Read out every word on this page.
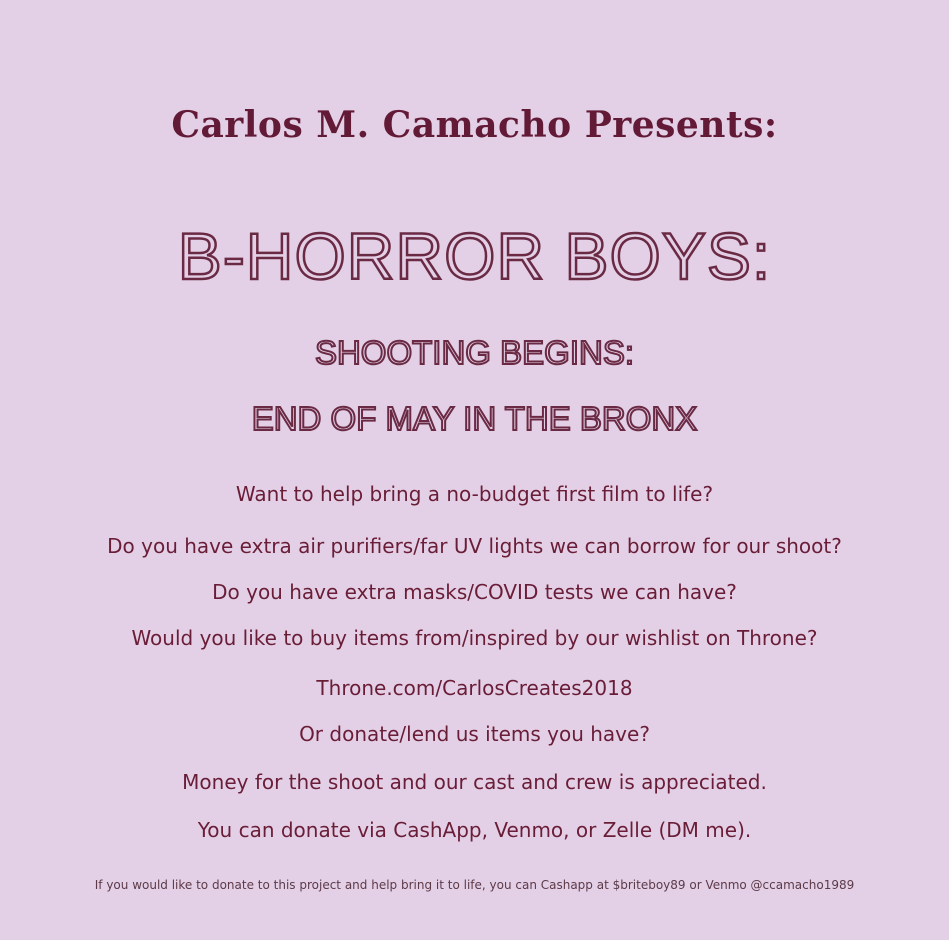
Carlos M. Camacho Presents:
B-HORROR BOYS:
SHOOTING BEGINS:
END OF MAY IN THE BRONX
Want to help bring a no-budget first film to life?
Do you have extra air purifiers/far UV lights we can borrow for our shoot?
Do you have extra masks/COVID tests we can have?
Would you like to buy items from/inspired by our wishlist on Throne?
Throne.com/CarlosCreates2018
Or donate/lend us items you have?
Money for the shoot and our cast and crew is appreciated.
You can donate via CashApp, Venmo, or Zelle (DM me).
If you would like to donate to this project and help bring it to life, you can Cashapp at $briteboy89 or Venmo @ccamacho1989
